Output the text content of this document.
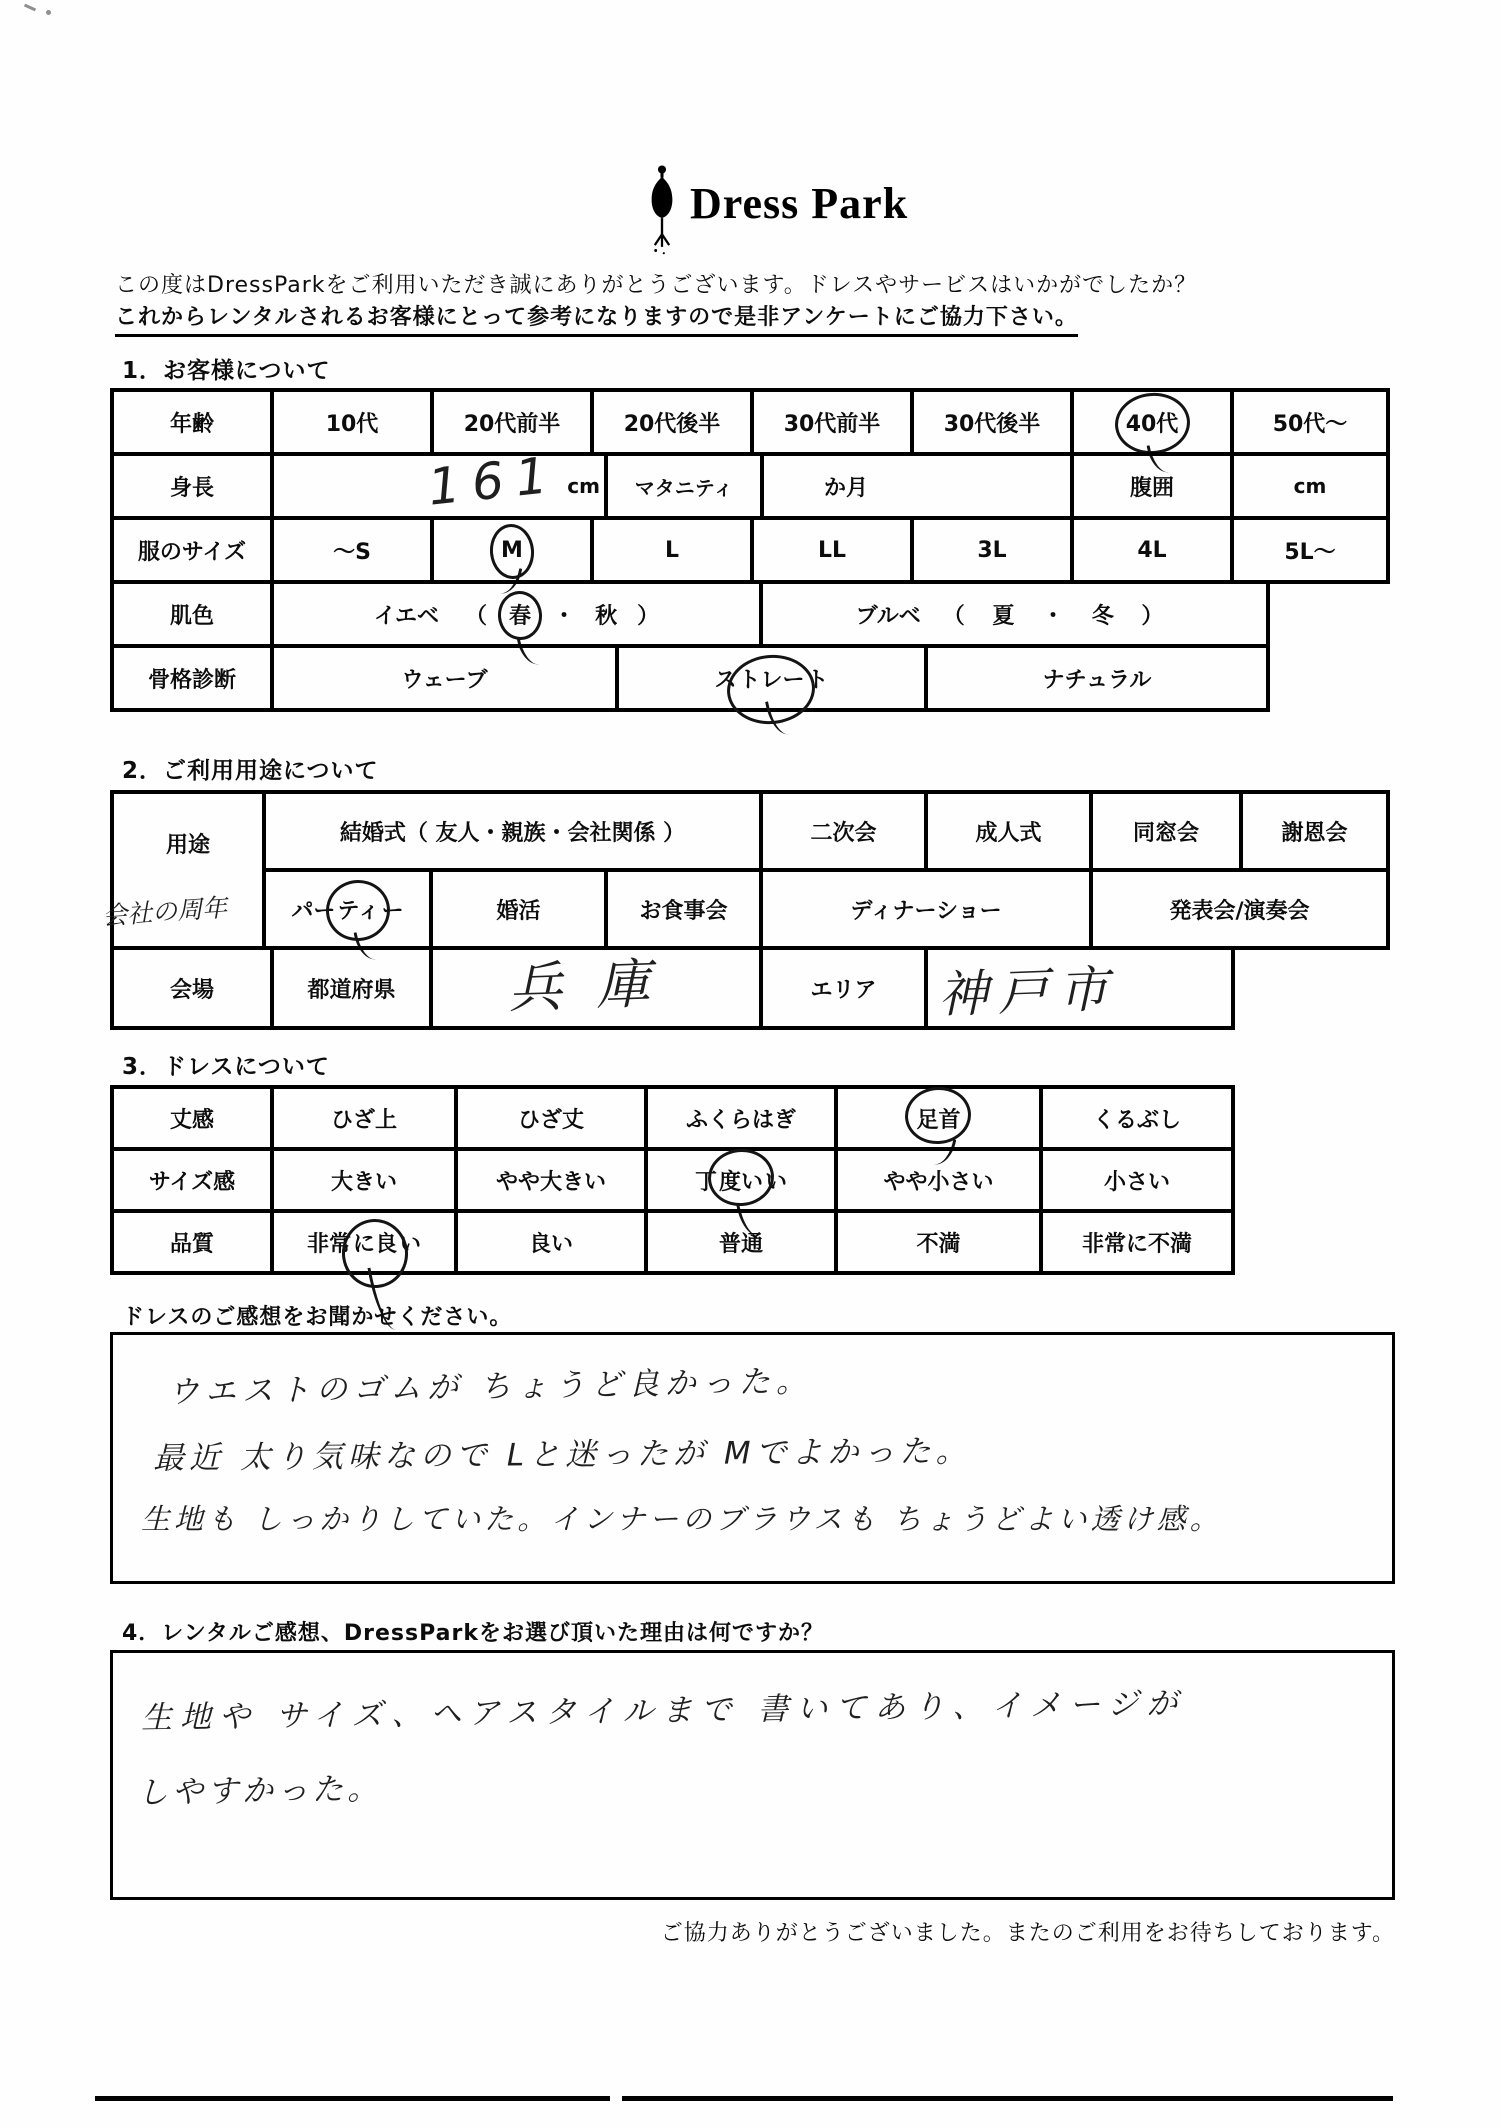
Dress Park
この度はDressParkをご利用いただき誠にありがとうございます。ドレスやサービスはいかがでしたか？
これからレンタルされるお客様にとって参考になりますので是非アンケートにご協力下さい。
1．お客様について
年齢	10代	20代前半	20代後半	30代前半	30代後半	40代	50代～
身長	161 cm	マタニティ	か月	腹囲	cm
服のサイズ	～S	M	L	LL	3L	4L	5L～
肌色	イエベ （ 春 ・ 秋 ）	ブルベ （ 夏 ・ 冬 ）
骨格診断	ウェーブ	ス トレー ト	ナチュラル
2．ご利用用途について
用途
会社の周年
結婚式（ 友人・親族・会社関係 ）	二次会	成人式	同窓会	謝恩会
パー ティ ー	婚活	お食事会	ディナーショー	発表会/演奏会
会場	都道府県	兵庫	エリア	神戸市
3．ドレスについて
丈感	ひざ上	ひざ丈	ふくらはぎ	足首	くるぶし
サイズ感	大きい	やや大きい	丁 度い い	やや小さい	小さい
品質	非常 に良 い	良い	普通	不満	非常に不満
ドレスのご感想をお聞かせください。
ウエストのゴムが ちょうど良かった。
最近 太り気味なので Lと迷ったが Mでよかった。
生地も しっかりしていた。インナーのブラウスも ちょうどよい透け感。
4．レンタルご感想、DressParkをお選び頂いた理由は何ですか？
生地や サイズ、ヘアスタイルまで 書いてあり、イメージが
しやすかった。
ご協力ありがとうございました。またのご利用をお待ちしております。
